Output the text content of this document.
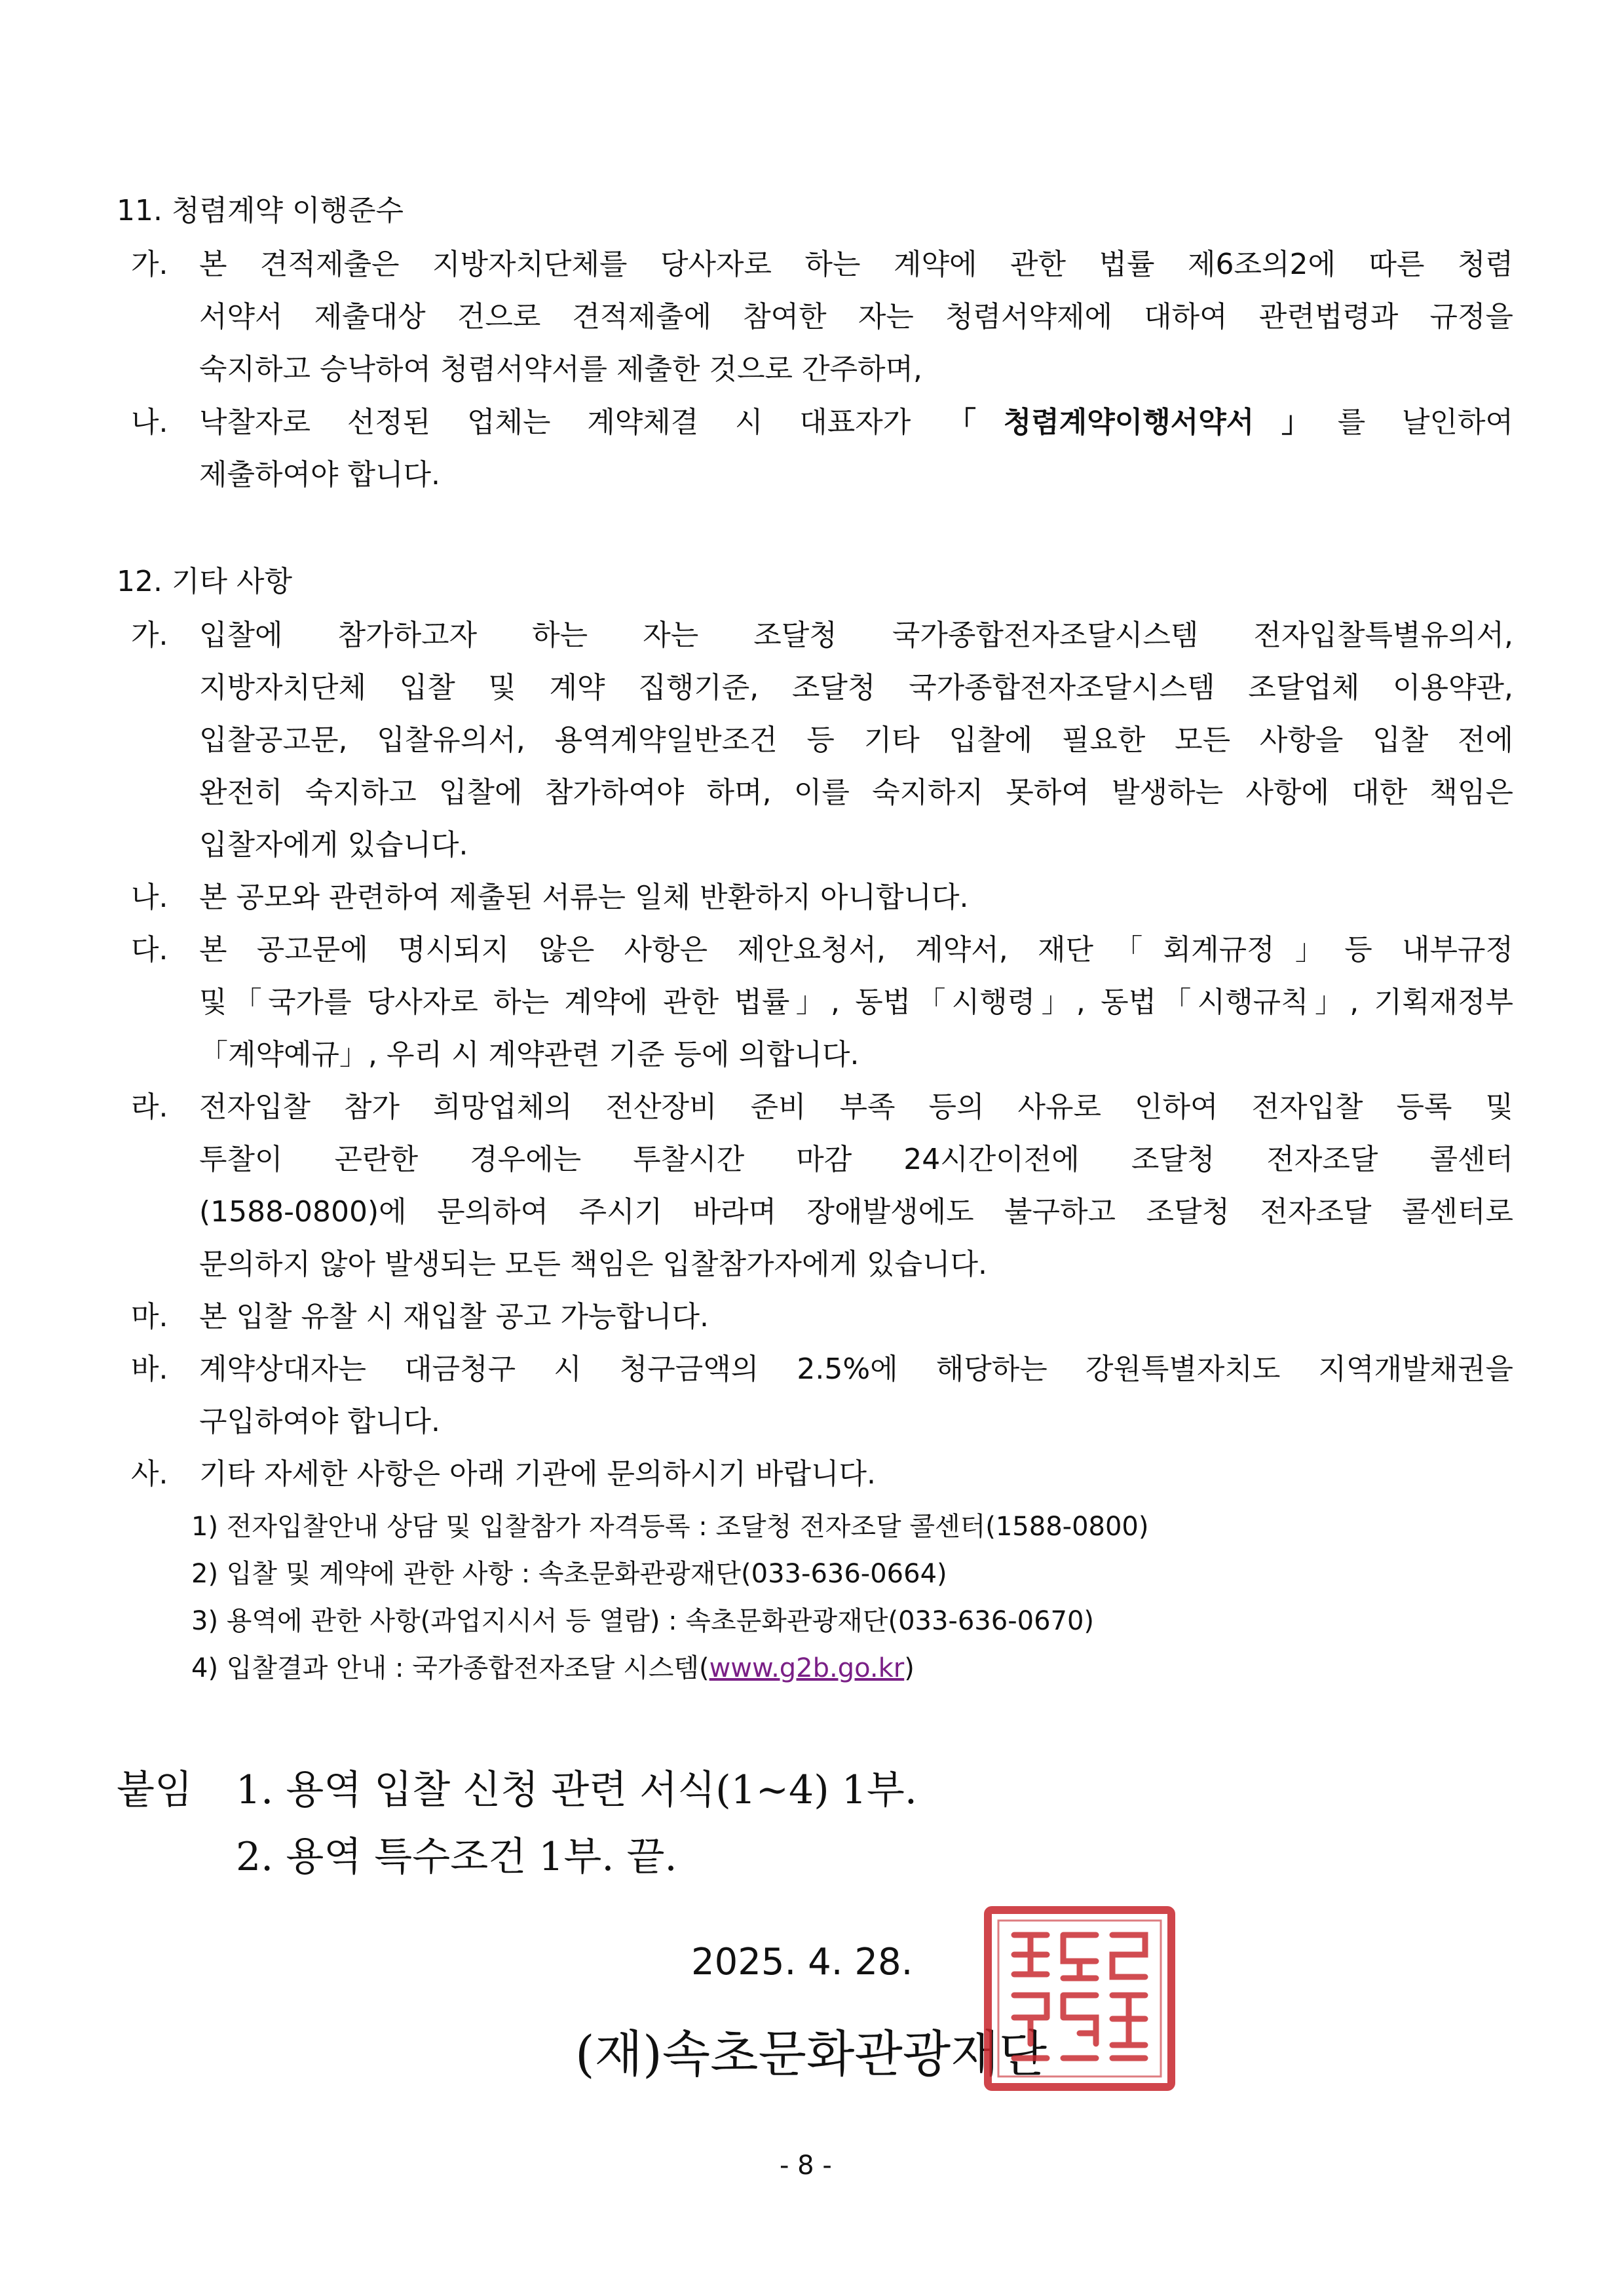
11. 청렴계약 이행준수
가. 본 견적제출은 지방자치단체를 당사자로 하는 계약에 관한 법률 제6조의2에 따른 청렴
서약서 제출대상 건으로 견적제출에 참여한 자는 청렴서약제에 대하여 관련법령과 규정을
숙지하고 승낙하여 청렴서약서를 제출한 것으로 간주하며,
나. 낙찰자로 선정된 업체는 계약체결 시 대표자가 「청렴계약이행서약서」를 날인하여
제출하여야 합니다.
12. 기타 사항
가. 입찰에 참가하고자 하는 자는 조달청 국가종합전자조달시스템 전자입찰특별유의서,
지방자치단체 입찰 및 계약 집행기준, 조달청 국가종합전자조달시스템 조달업체 이용약관,
입찰공고문, 입찰유의서, 용역계약일반조건 등 기타 입찰에 필요한 모든 사항을 입찰 전에
완전히 숙지하고 입찰에 참가하여야 하며, 이를 숙지하지 못하여 발생하는 사항에 대한 책임은
입찰자에게 있습니다.
나. 본 공모와 관련하여 제출된 서류는 일체 반환하지 아니합니다.
다. 본 공고문에 명시되지 않은 사항은 제안요청서, 계약서, 재단「회계규정」등 내부규정
및「국가를 당사자로 하는 계약에 관한 법률」, 동법「시행령」, 동법「시행규칙」, 기획재정부
「계약예규」, 우리 시 계약관련 기준 등에 의합니다.
라. 전자입찰 참가 희망업체의 전산장비 준비 부족 등의 사유로 인하여 전자입찰 등록 및
투찰이 곤란한 경우에는 투찰시간 마감 24시간이전에 조달청 전자조달 콜센터
(1588-0800)에 문의하여 주시기 바라며 장애발생에도 불구하고 조달청 전자조달 콜센터로
문의하지 않아 발생되는 모든 책임은 입찰참가자에게 있습니다.
마. 본 입찰 유찰 시 재입찰 공고 가능합니다.
바. 계약상대자는 대금청구 시 청구금액의 2.5%에 해당하는 강원특별자치도 지역개발채권을
구입하여야 합니다.
사. 기타 자세한 사항은 아래 기관에 문의하시기 바랍니다.
1) 전자입찰안내 상담 및 입찰참가 자격등록 : 조달청 전자조달 콜센터(1588-0800)
2) 입찰 및 계약에 관한 사항 : 속초문화관광재단(033-636-0664)
3) 용역에 관한 사항(과업지시서 등 열람) : 속초문화관광재단(033-636-0670)
4) 입찰결과 안내 : 국가종합전자조달 시스템(www.g2b.go.kr)
붙임 1. 용역 입찰 신청 관련 서식(1~4) 1부.
2. 용역 특수조건 1부. 끝.
2025. 4. 28.
(재)속초문화관광재단
- 8 -
